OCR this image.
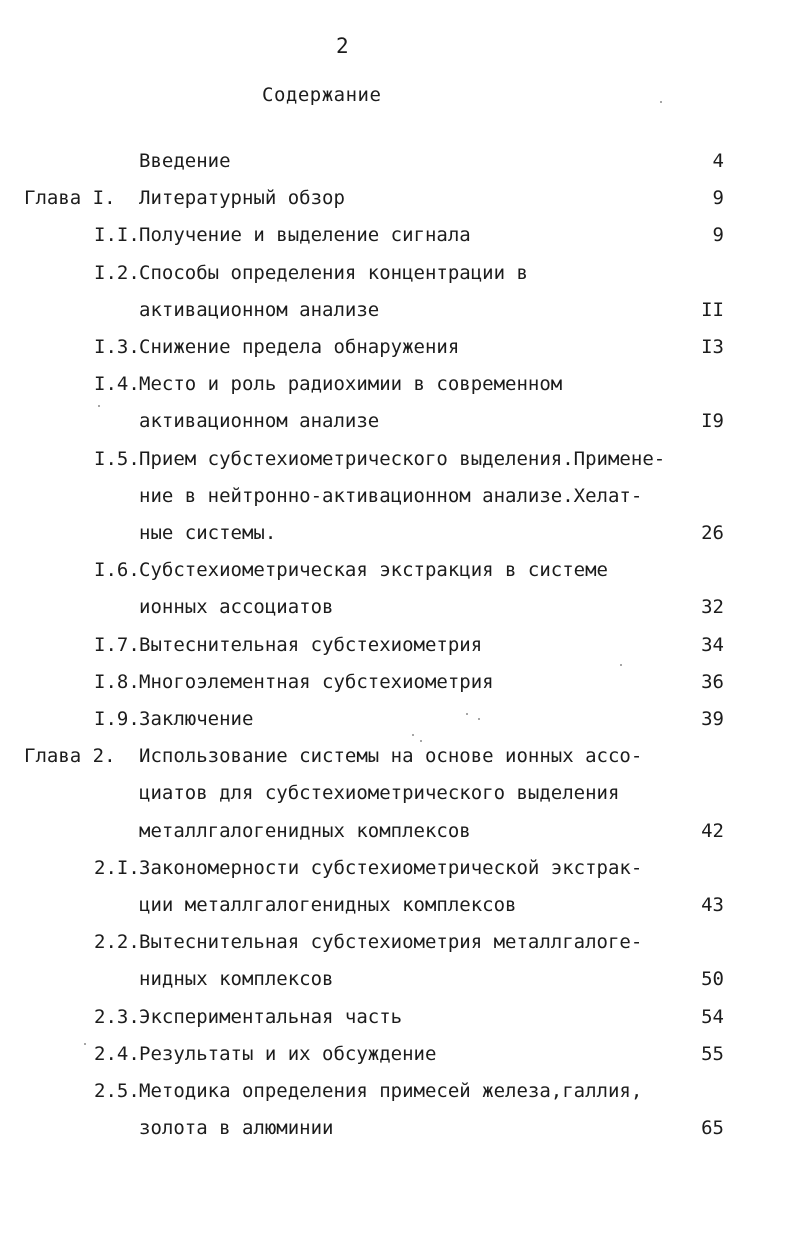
2
Содержание
Введение	4
Глава I. Литературный обзор	9
I.I. Получение и выделение сигнала	9
I.2. Способы определения концентрации в
активационном анализе	II
I.3. Снижение предела обнаружения	I3
I.4. Место и роль радиохимии в современном
активационном анализе	I9
I.5. Прием субстехиометрического выделения.Примене-
ние в нейтронно-активационном анализе.Хелат-
ные системы.	26
I.6. Субстехиометрическая экстракция в системе
ионных ассоциатов	32
I.7. Вытеснительная субстехиометрия	34
I.8. Многоэлементная субстехиометрия	36
I.9. Заключение	39
Глава 2. Использование системы на основе ионных ассо-
циатов для субстехиометрического выделения
металлгалогенидных комплексов	42
2.I. Закономерности субстехиометрической экстрак-
ции металлгалогенидных комплексов	43
2.2. Вытеснительная субстехиометрия металлгалоге-
нидных комплексов	50
2.3. Экспериментальная часть	54
2.4. Результаты и их обсуждение	55
2.5. Методика определения примесей железа,галлия,
золота в алюминии	65
